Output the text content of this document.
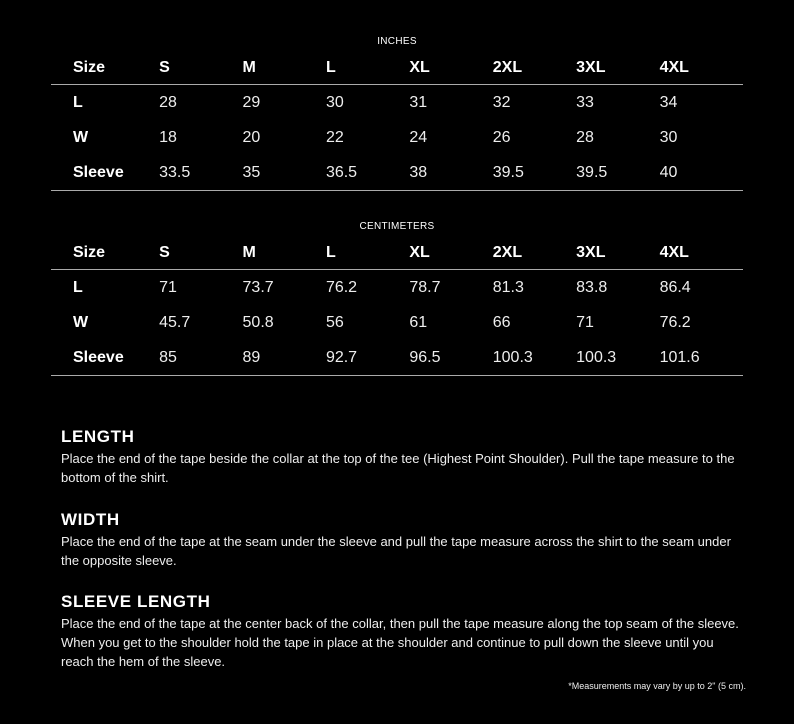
INCHES
Size	S	M	L	XL	2XL	3XL	4XL
L	28	29	30	31	32	33	34
W	18	20	22	24	26	28	30
Sleeve	33.5	35	36.5	38	39.5	39.5	40
CENTIMETERS
Size	S	M	L	XL	2XL	3XL	4XL
L	71	73.7	76.2	78.7	81.3	83.8	86.4
W	45.7	50.8	56	61	66	71	76.2
Sleeve	85	89	92.7	96.5	100.3	100.3	101.6
LENGTH

Place the end of the tape beside the collar at the top of the tee (Highest Point Shoulder). Pull the tape measure to the bottom of the shirt.

WIDTH

Place the end of the tape at the seam under the sleeve and pull the tape measure across the shirt to the seam under the opposite sleeve.

SLEEVE LENGTH

Place the end of the tape at the center back of the collar, then pull the tape measure along the top seam of the sleeve. When you get to the shoulder hold the tape in place at the shoulder and continue to pull down the sleeve until you reach the hem of the sleeve.

*Measurements may vary by up to 2" (5 cm).
